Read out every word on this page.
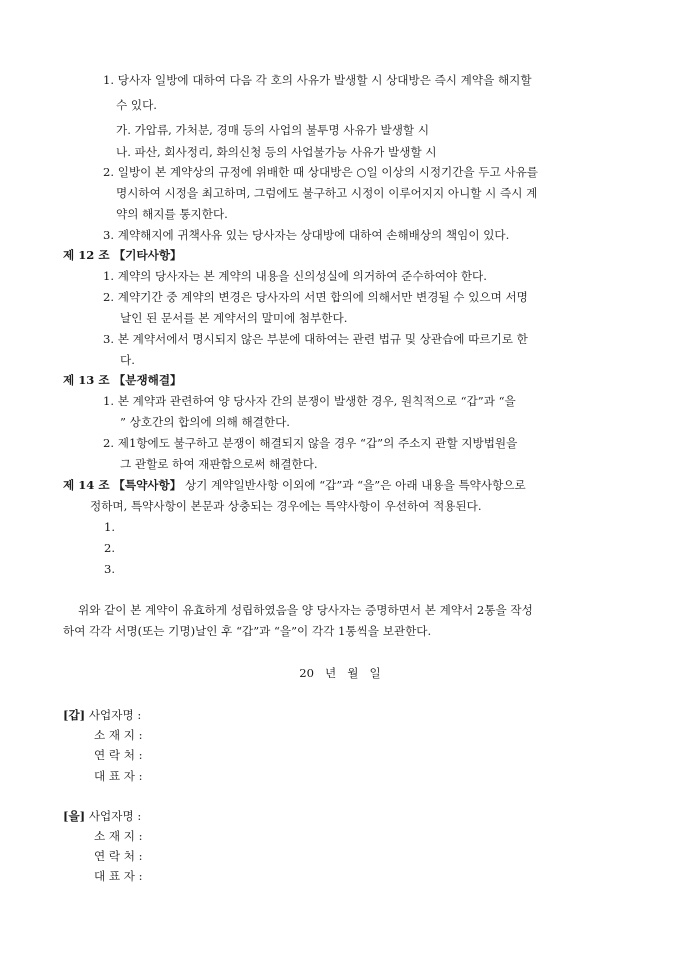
1. 당사자 일방에 대하여 다음 각 호의 사유가 발생할 시 상대방은 즉시 계약을 해지할
수 있다.
가. 가압류, 가처분, 경매 등의 사업의 불투명 사유가 발생할 시
나. 파산, 회사정리, 화의신청 등의 사업불가능 사유가 발생할 시
2. 일방이 본 계약상의 규정에 위배한 때 상대방은 ○일 이상의 시정기간을 두고 사유를
명시하여 시정을 최고하며, 그럼에도 불구하고 시정이 이루어지지 아니할 시 즉시 계
약의 해지를 통지한다.
3. 계약해지에 귀책사유 있는 당사자는 상대방에 대하여 손해배상의 책임이 있다.
제 12 조 【기타사항】
1. 계약의 당사자는 본 계약의 내용을 신의성실에 의거하여 준수하여야 한다.
2. 계약기간 중 계약의 변경은 당사자의 서면 합의에 의해서만 변경될 수 있으며 서명
날인 된 문서를 본 계약서의 말미에 첨부한다.
3. 본 계약서에서 명시되지 않은 부분에 대하여는 관련 법규 및 상관습에 따르기로 한
다.
제 13 조 【분쟁해결】
1. 본 계약과 관련하여 양 당사자 간의 분쟁이 발생한 경우, 원칙적으로 “갑”과 “을
” 상호간의 합의에 의해 해결한다.
2. 제1항에도 불구하고 분쟁이 해결되지 않을 경우 “갑”의 주소지 관할 지방법원을
그 관할로 하여 재판함으로써 해결한다.
제 14 조 【특약사항】 상기 계약일반사항 이외에 “갑”과 “을”은 아래 내용을 특약사항으로
정하며, 특약사항이 본문과 상충되는 경우에는 특약사항이 우선하여 적용된다.
1.
2.
3.
위와 같이 본 계약이 유효하게 성립하였음을 양 당사자는 증명하면서 본 계약서 2통을 작성
하여 각각 서명(또는 기명)날인 후 “갑”과 “을”이 각각 1통씩을 보관한다.
20   년   월   일
[갑] 사업자명 :
소 재 지 :
연 락 처 :
대 표 자 :
[을] 사업자명 :
소 재 지 :
연 락 처 :
대 표 자 :
